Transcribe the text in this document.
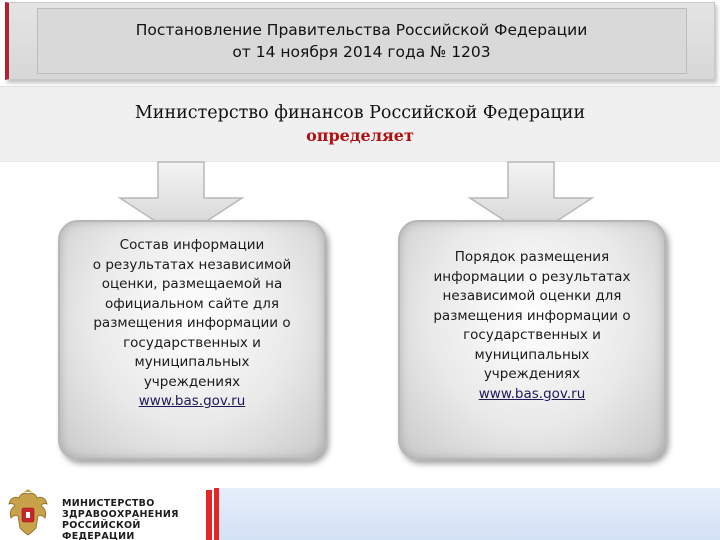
Постановление Правительства Российской Федерации
от 14 ноября 2014 года № 1203
Министерство финансов Российской Федерации
определяет
Состав информации
о результатах независимой
оценки, размещаемой на
официальном сайте для
размещения информации о
государственных и
муниципальных
учреждениях
www.bas.gov.ru
Порядок размещения
информации о результатах
независимой оценки для
размещения информации о
государственных и
муниципальных
учреждениях
www.bas.gov.ru
МИНИСТЕРСТВО
ЗДРАВООХРАНЕНИЯ
РОССИЙСКОЙ ФЕДЕРАЦИИ
